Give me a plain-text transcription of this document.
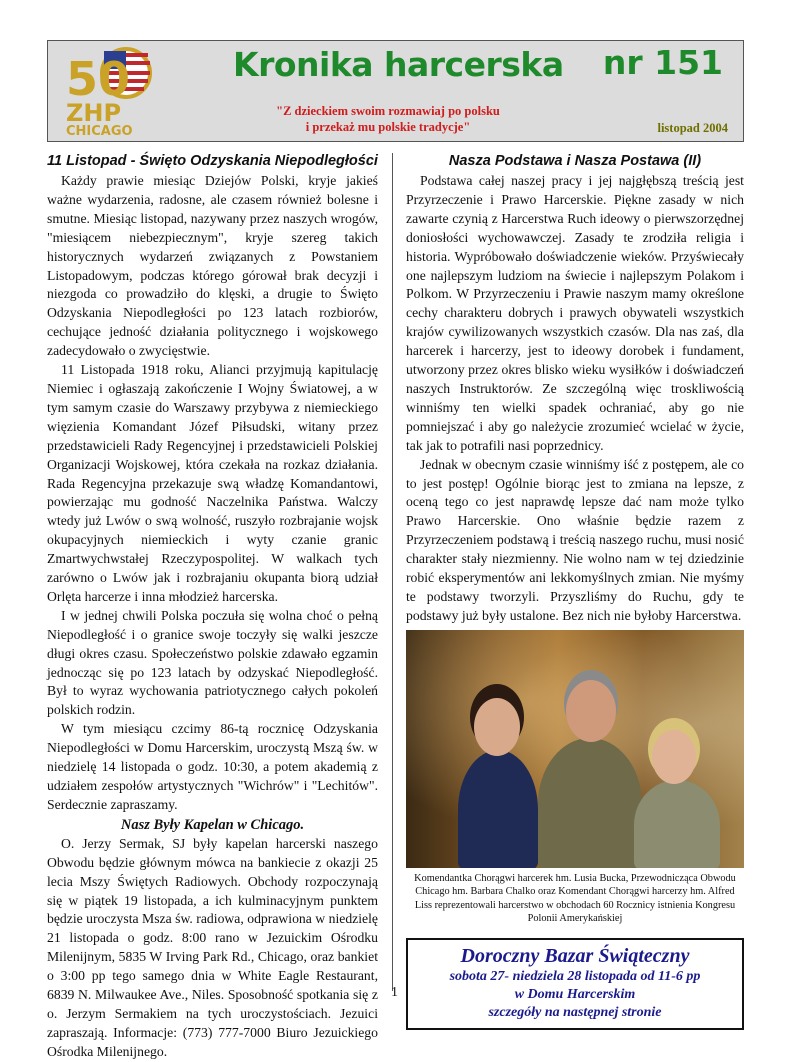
50
ZHP
CHICAGO
Kronika harcerska nr 151
"Z dzieckiem swoim rozmawiaj po polsku
i przekaż mu polskie tradycje"	listopad 2004
11 Listopad - Święto Odzyskania Niepodległości

Każdy prawie miesiąc Dziejów Polski, kryje jakieś ważne wydarzenia, radosne, ale czasem również bolesne i smutne. Miesiąc listopad, nazywany przez naszych wrogów, "miesiącem niebezpiecznym", kryje szereg takich historycznych wydarzeń związanych z Powstaniem Listopadowym, podczas którego górował brak decyzji i niezgoda co prowadziło do klęski, a drugie to Święto Odzyskania Niepodległości po 123 latach rozbiorów, cechujące jedność działania politycznego i wojskowego zadecydowało o zwycięstwie.

11 Listopada 1918 roku, Alianci przyjmują kapitulację Niemiec i ogłaszają zakończenie I Wojny Światowej, a w tym samym czasie do Warszawy przybywa z niemieckiego więzienia Komandant Józef Piłsudski, witany przez przedstawicieli Rady Regencyjnej i przedstawicieli Polskiej Organizacji Wojskowej, która czekała na rozkaz działania. Rada Regencyjna przekazuje swą władzę Komandantowi, powierzając mu godność Naczelnika Państwa. Walczy wtedy już Lwów o swą wolność, ruszyło rozbrajanie wojsk okupacyjnych niemieckich i wyty czanie granic Zmartwychwstałej Rzeczypospolitej. W walkach tych zarówno o Lwów jak i rozbrajaniu okupanta biorą udział Orlęta harcerze i inna młodzież harcerska.

I w jednej chwili Polska poczuła się wolna choć o pełną Niepodległość i o granice swoje toczyły się walki jeszcze długi okres czasu. Społeczeństwo polskie zdawało egzamin jednocząc się po 123 latach by odzyskać Niepodległość. Był to wyraz wychowania patriotycznego całych pokoleń polskich rodzin.

W tym miesiącu czcimy 86-tą rocznicę Odzyskania Niepodległości w Domu Harcerskim, uroczystą Mszą św. w niedzielę 14 listopada o godz. 10:30, a potem akademią z udziałem zespołów artystycznych "Wichrów" i "Lechitów". Serdecznie zapraszamy.

Nasz Były Kapelan w Chicago.

O. Jerzy Sermak, SJ były kapelan harcerski naszego Obwodu będzie głównym mówca na bankiecie z okazji 25 lecia Mszy Świętych Radiowych. Obchody rozpoczynają się w piątek 19 listopada, a ich kulminacyjnym punktem będzie uroczysta Msza św. radiowa, odprawiona w niedzielę 21 listopada o godz. 8:00 rano w Jezuickim Ośrodku Milenijnym, 5835 W Irving Park Rd., Chicago, oraz bankiet o 3:00 pp tego samego dnia w White Eagle Restaurant, 6839 N. Milwaukee Ave., Niles. Sposobność spotkania się z o. Jerzym Sermakiem na tych uroczystościach. Jezuici zapraszają. Informacje: (773) 777-7000 Biuro Jezuickiego Ośrodka Milenijnego.

Nasza Podstawa i Nasza Postawa (II)

Podstawa całej naszej pracy i jej najgłębszą treścią jest Przyrzeczenie i Prawo Harcerskie. Piękne zasady w nich zawarte czynią z Harcerstwa Ruch ideowy o pierwszorzędnej doniosłości wychowawczej. Zasady te zrodziła religia i historia. Wypróbowało doświadczenie wieków. Przyświecały one najlepszym ludziom na świecie i najlepszym Polakom i Polkom. W Przyrzeczeniu i Prawie naszym mamy określone cechy charakteru dobrych i prawych obywateli wszystkich krajów cywilizowanych wszystkich czasów. Dla nas zaś, dla harcerek i harcerzy, jest to ideowy dorobek i fundament, utworzony przez okres blisko wieku wysiłków i doświadczeń naszych Instruktorów. Ze szczególną więc troskliwością winniśmy ten wielki spadek ochraniać, aby go nie pomniejszać i aby go należycie zrozumieć wcielać w życie, tak jak to potrafili nasi poprzednicy.

Jednak w obecnym czasie winniśmy iść z postępem, ale co to jest postęp! Ogólnie biorąc jest to zmiana na lepsze, z oceną tego co jest naprawdę lepsze dać nam może tylko Prawo Harcerskie. Ono właśnie będzie razem z Przyrzeczeniem podstawą i treścią naszego ruchu, musi nosić charakter stały niezmienny. Nie wolno nam w tej dziedzinie robić eksperymentów ani lekkomyślnych zmian. Nie myśmy te podstawy tworzyli. Przyszliśmy do Ruchu, gdy te podstawy już były ustalone. Bez nich nie byłoby Harcerstwa.

Komendantka Chorągwi harcerek hm. Lusia Bucka, Przewodnicząca Obwodu Chicago hm. Barbara Chalko oraz Komendant Chorągwi harcerzy hm. Alfred Liss reprezentowali harcerstwo w obchodach 60 Rocznicy istnienia Kongresu Polonii Amerykańskiej
Doroczny Bazar Świąteczny
sobota 27- niedziela 28 listopada od 11-6 pp
w Domu Harcerskim
szczegóły na następnej stronie
1
